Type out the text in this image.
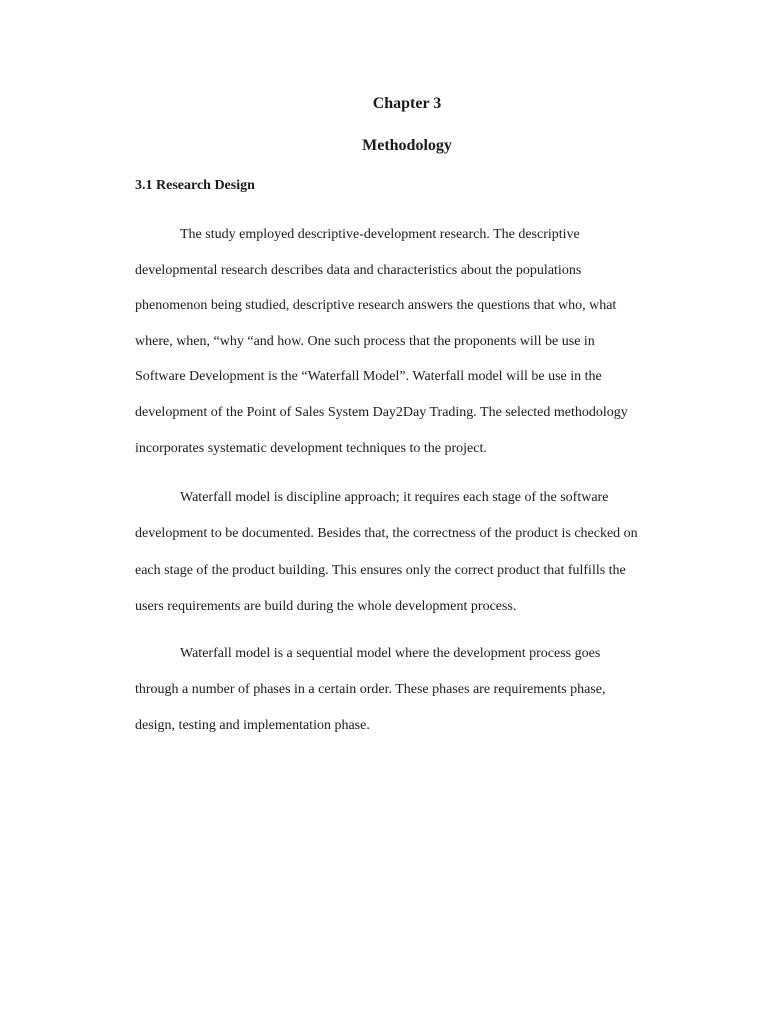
Chapter 3
Methodology
3.1 Research Design

The study employed descriptive-development research. The descriptive
developmental research describes data and characteristics about the populations
phenomenon being studied, descriptive research answers the questions that who, what
where, when, “why “and how. One such process that the proponents will be use in
Software Development is the “Waterfall Model”. Waterfall model will be use in the
development of the Point of Sales System Day2Day Trading. The selected methodology
incorporates systematic development techniques to the project.

Waterfall model is discipline approach; it requires each stage of the software
development to be documented. Besides that, the correctness of the product is checked on
each stage of the product building. This ensures only the correct product that fulfills the
users requirements are build during the whole development process.

Waterfall model is a sequential model where the development process goes
through a number of phases in a certain order. These phases are requirements phase,
design, testing and implementation phase.
